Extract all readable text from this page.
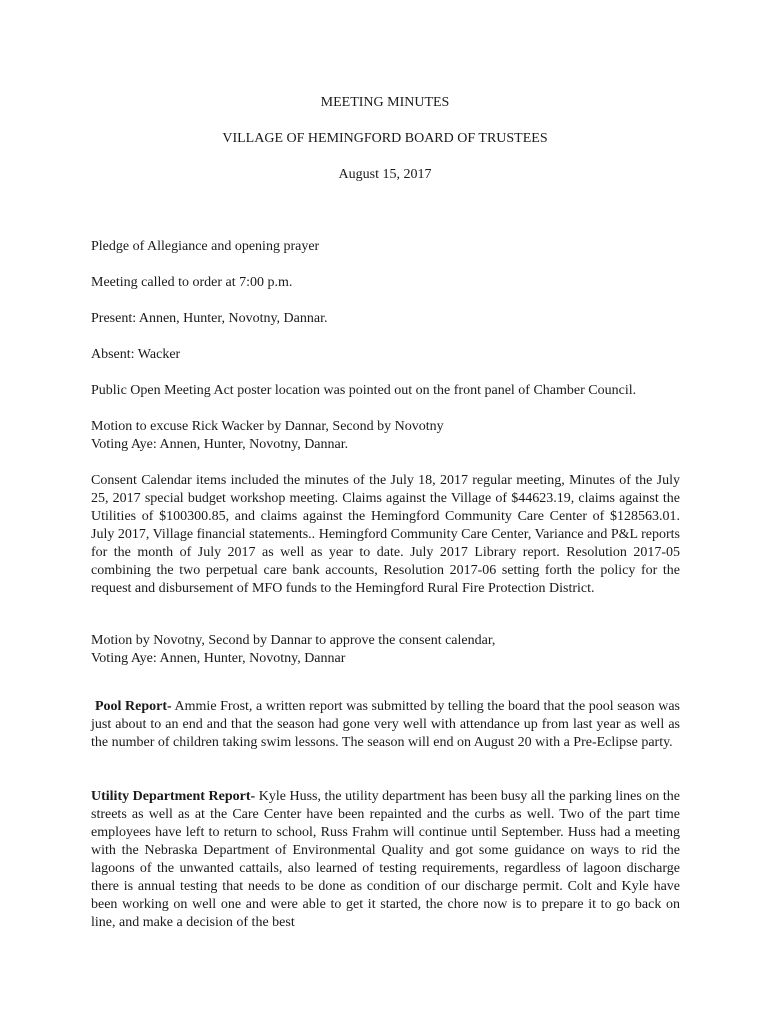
MEETING MINUTES

VILLAGE OF HEMINGFORD BOARD OF TRUSTEES

August 15, 2017

Pledge of Allegiance and opening prayer

Meeting called to order at 7:00 p.m.

Present: Annen, Hunter, Novotny, Dannar.

Absent: Wacker

Public Open Meeting Act poster location was pointed out on the front panel of Chamber Council.

Motion to excuse Rick Wacker by Dannar, Second by Novotny
Voting Aye: Annen, Hunter, Novotny, Dannar.

Consent Calendar items included the minutes of the July 18, 2017 regular meeting, Minutes of the July 25, 2017 special budget workshop meeting. Claims against the Village of $44623.19, claims against the Utilities of $100300.85, and claims against the Hemingford Community Care Center of $128563.01. July 2017, Village financial statements.. Hemingford Community Care Center, Variance and P&L reports for the month of July 2017 as well as year to date. July 2017 Library report. Resolution 2017-05 combining the two perpetual care bank accounts, Resolution 2017-06 setting forth the policy for the request and disbursement of MFO funds to the Hemingford Rural Fire Protection District.

Motion by Novotny, Second by Dannar to approve the consent calendar,
Voting Aye: Annen, Hunter, Novotny, Dannar

Pool Report- Ammie Frost, a written report was submitted by telling the board that the pool season was just about to an end and that the season had gone very well with attendance up from last year as well as the number of children taking swim lessons. The season will end on August 20 with a Pre-Eclipse party.

Utility Department Report- Kyle Huss, the utility department has been busy all the parking lines on the streets as well as at the Care Center have been repainted and the curbs as well. Two of the part time employees have left to return to school, Russ Frahm will continue until September. Huss had a meeting with the Nebraska Department of Environmental Quality and got some guidance on ways to rid the lagoons of the unwanted cattails, also learned of testing requirements, regardless of lagoon discharge there is annual testing that needs to be done as condition of our discharge permit. Colt and Kyle have been working on well one and were able to get it started, the chore now is to prepare it to go back on line, and make a decision of the best
